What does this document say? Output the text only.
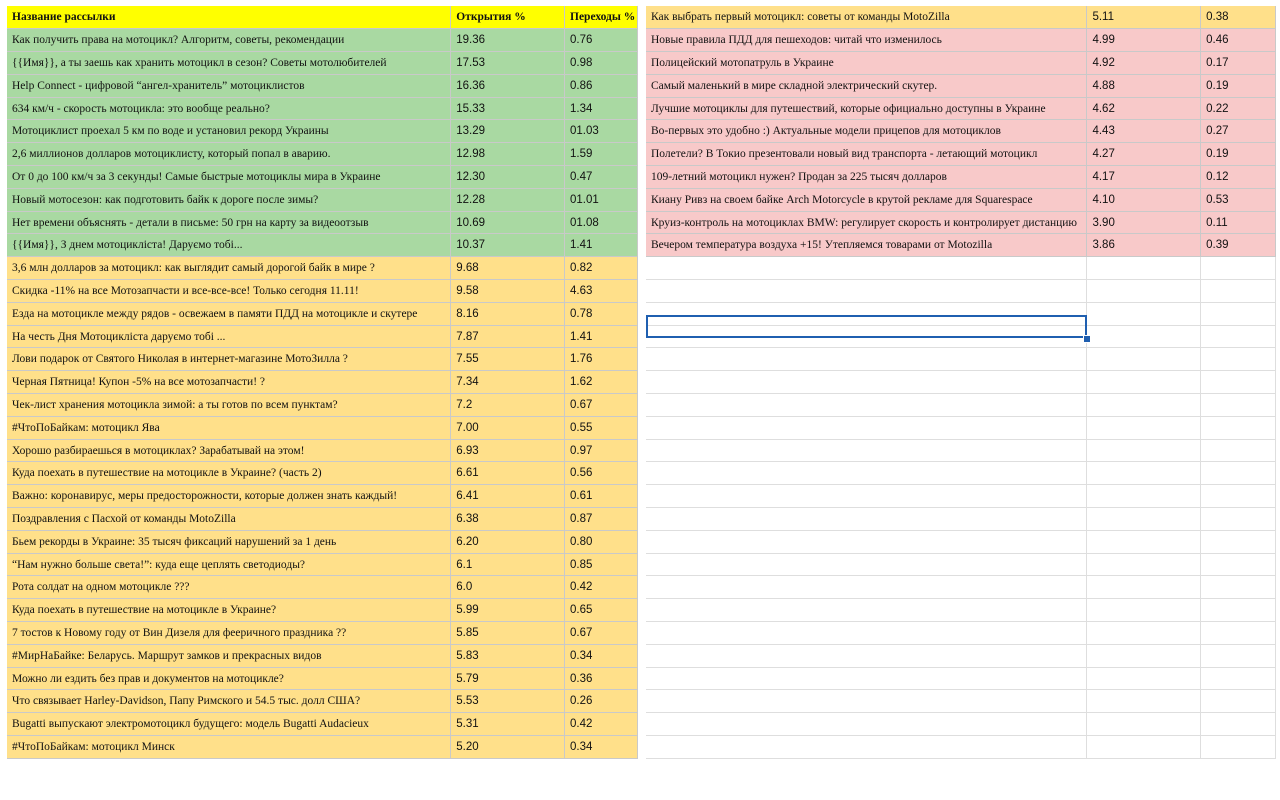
Название рассылки	Открытия %	Переходы %
Как получить права на мотоцикл? Алгоритм, советы, рекомендации	19.36	0.76
{{Имя}}, а ты заешь как хранить мотоцикл в сезон? Советы мотолюбителей	17.53	0.98
Help Connect - цифровой “ангел-хранитель” мотоциклистов	16.36	0.86
634 км/ч - скорость мотоцикла: это вообще реально?	15.33	1.34
Мотоциклист проехал 5 км по воде и установил рекорд Украины	13.29	01.03
2,6 миллионов долларов мотоциклисту, который попал в аварию.	12.98	1.59
От 0 до 100 км/ч за 3 секунды! Самые быстрые мотоциклы мира в Украине	12.30	0.47
Новый мотосезон: как подготовить байк к дороге после зимы?	12.28	01.01
Нет времени объяснять - детали в письме: 50 грн на карту за видеоотзыв	10.69	01.08
{{Имя}}, З днем мотоцикліста! Даруємо тобі...	10.37	1.41
3,6 млн долларов за мотоцикл: как выглядит самый дорогой байк в мире ?	9.68	0.82
Скидка -11% на все Мотозапчасти и все-все-все! Только сегодня 11.11!	9.58	4.63
Езда на мотоцикле между рядов - освежаем в памяти ПДД на мотоцикле и скутере	8.16	0.78
На честь Дня Мотоцикліста даруємо тобі ...	7.87	1.41
Лови подарок от Святого Николая в интернет-магазине МотоЗилла ?	7.55	1.76
Черная Пятница! Купон -5% на все мотозапчасти! ?	7.34	1.62
Чек-лист хранения мотоцикла зимой: а ты готов по всем пунктам?	7.2	0.67
#ЧтоПоБайкам: мотоцикл Ява	7.00	0.55
Хорошо разбираешься в мотоциклах? Зарабатывай на этом!	6.93	0.97
Куда поехать в путешествие на мотоцикле в Украине? (часть 2)	6.61	0.56
Важно: коронавирус, меры предосторожности, которые должен знать каждый!	6.41	0.61
Поздравления с Пасхой от команды MotoZilla	6.38	0.87
Бьем рекорды в Украине: 35 тысяч фиксаций нарушений за 1 день	6.20	0.80
“Нам нужно больше света!”: куда еще цеплять светодиоды?	6.1	0.85
Рота солдат на одном мотоцикле ???	6.0	0.42
Куда поехать в путешествие на мотоцикле в Украине?	5.99	0.65
7 тостов к Новому году от Вин Дизеля для фееричного праздника ??	5.85	0.67
#МирНаБайке: Беларусь. Маршрут замков и прекрасных видов	5.83	0.34
Можно ли ездить без прав и документов на мотоцикле?	5.79	0.36
Что связывает Harley-Davidson, Папу Римского и 54.5 тыс. долл США?	5.53	0.26
Bugatti выпускают электромотоцикл будущего: модель Bugatti Audacieux	5.31	0.42
#ЧтоПоБайкам: мотоцикл Минск	5.20	0.34
Как выбрать первый мотоцикл: советы от команды MotoZilla	5.11	0.38
Новые правила ПДД для пешеходов: читай что изменилось	4.99	0.46
Полицейский мотопатруль в Украине	4.92	0.17
Самый маленький в мире складной электрический скутер.	4.88	0.19
Лучшие мотоциклы для путешествий, которые официально доступны в Украине	4.62	0.22
Во-первых это удобно :) Актуальные модели прицепов для мотоциклов	4.43	0.27
Полетели? В Токио презентовали новый вид транспорта - летающий мотоцикл	4.27	0.19
109-летний мотоцикл нужен? Продан за 225 тысяч долларов	4.17	0.12
Киану Ривз на своем байке Arch Motorcycle в крутой рекламе для Squarespace	4.10	0.53
Круиз-контроль на мотоциклах BMW: регулирует скорость и контролирует дистанцию	3.90	0.11
Вечером температура воздуха +15! Утепляемся товарами от Motozilla	3.86	0.39
